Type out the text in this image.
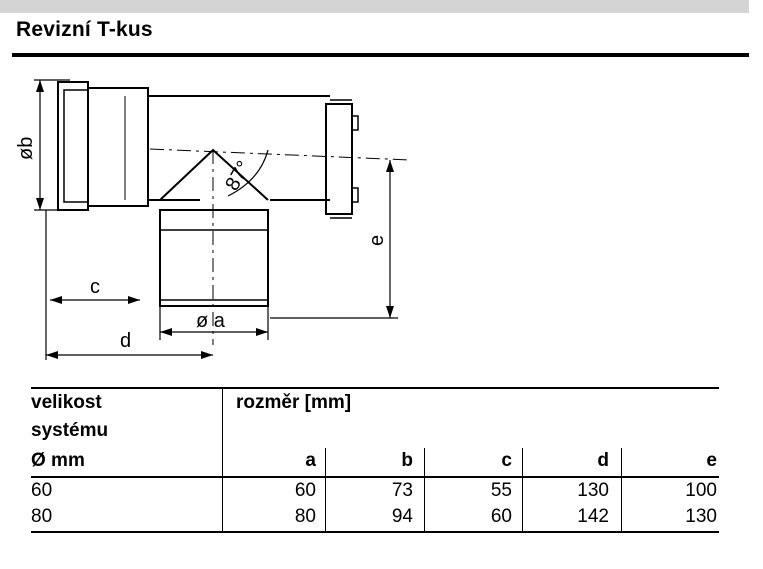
Revizní T-kus
øb
c
d
ø a
e
87°
velikost
systému
Ø mm
rozměr [mm]
a	b	c	d	e
60	60	73	55	130	100
80	80	94	60	142	130
